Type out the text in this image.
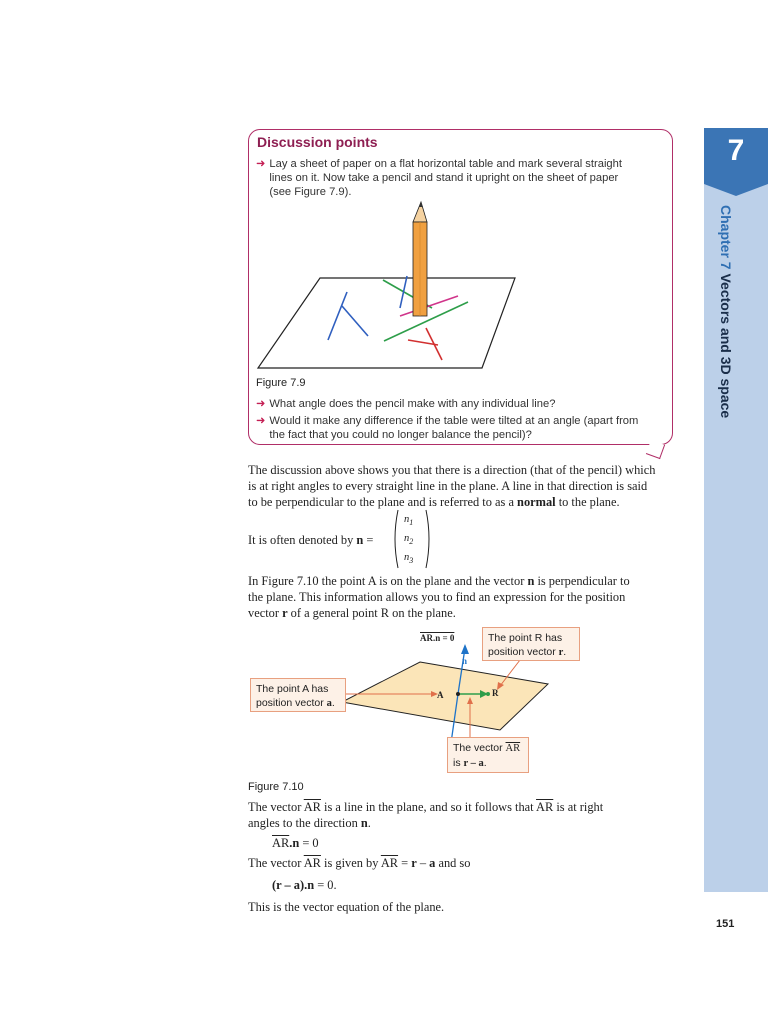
7
Chapter 7 Vectors and 3D space
Discussion points
➜ Lay a sheet of paper on a flat horizontal table and mark several straight
lines on it. Now take a pencil and stand it upright on the sheet of paper
(see Figure 7.9).
Figure 7.9
➜ What angle does the pencil make with any individual line?
➜ Would it make any difference if the table were tilted at an angle (apart from
the fact that you could no longer balance the pencil)?
The discussion above shows you that there is a direction (that of the pencil) which
is at right angles to every straight line in the plane. A line in that direction is said
to be perpendicular to the plane and is referred to as a normal to the plane.
It is often denoted by n =
$n_1$
$n_2$
$n_3$
In Figure 7.10 the point A is on the plane and the vector n is perpendicular to
the plane. This information allows you to find an expression for the position
vector r of a general point R on the plane.
AR.n = 0
n
A	R
The point R has
position vector r.
The point A has
position vector a.
The vector $\overline{AR}$
is r – a.
Figure 7.10
The vector $\overline{AR}$ is a line in the plane, and so it follows that $\overline{AR}$ is at right
angles to the direction n.
$\overline{AR}.n = 0$
The vector $\overline{AR}$ is given by $\overline{AR} = r - a$ and so
(r – a).n = 0.
This is the vector equation of the plane.
151
